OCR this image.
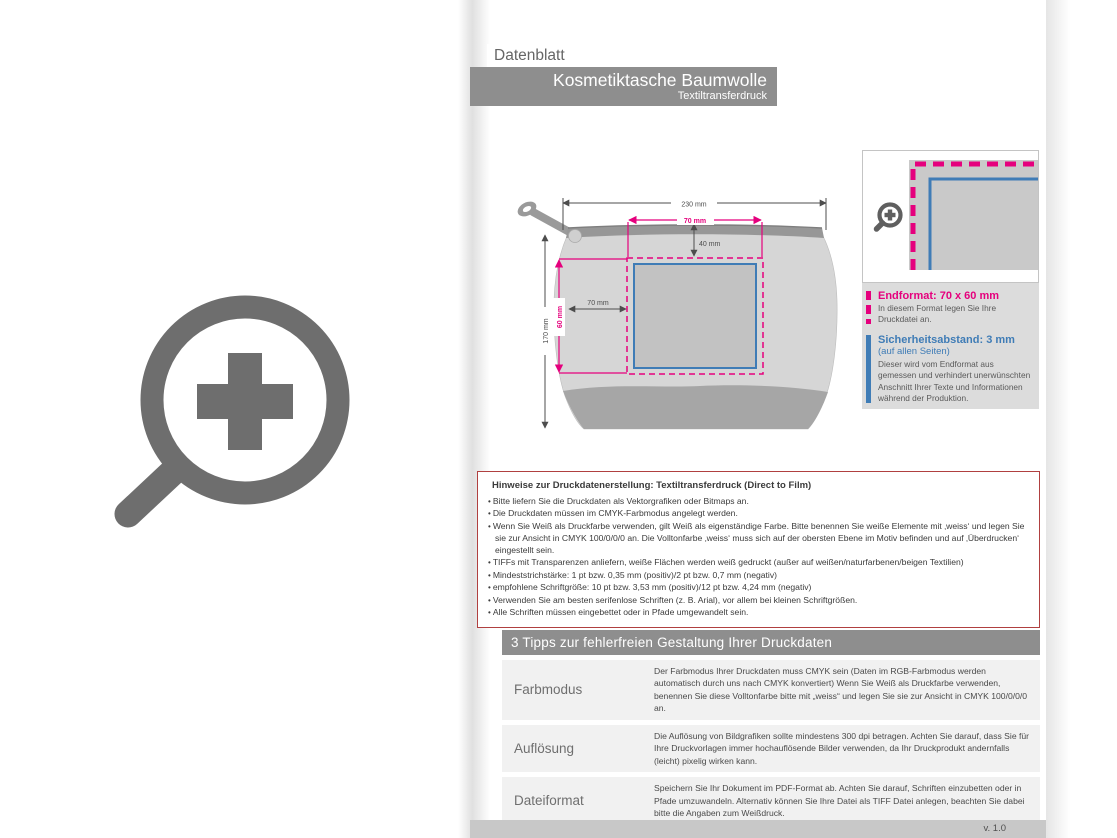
Datenblatt
Kosmetiktasche Baumwolle
Textiltransferdruck
230 mm
70 mm
40 mm
170 mm
60 mm
70 mm
Endformat: 70 x 60 mm
In diesem Format legen Sie Ihre Druckdatei an.
Sicherheitsabstand: 3 mm
(auf allen Seiten)
Dieser wird vom Endformat aus gemessen und verhindert unerwünschten Anschnitt Ihrer Texte und Informationen während der Produktion.
Hinweise zur Druckdatenerstellung: Textiltransferdruck (Direct to Film)
• Bitte liefern Sie die Druckdaten als Vektorgrafiken oder Bitmaps an.
• Die Druckdaten müssen im CMYK-Farbmodus angelegt werden.
• Wenn Sie Weiß als Druckfarbe verwenden, gilt Weiß als eigenständige Farbe. Bitte benennen Sie weiße Elemente mit ‚weiss‘ und legen Sie sie zur Ansicht in CMYK 100/0/0/0 an. Die Volltonfarbe ‚weiss‘ muss sich auf der obersten Ebene im Motiv befinden und auf ‚Überdrucken‘ eingestellt sein.
• TIFFs mit Transparenzen anliefern, weiße Flächen werden weiß gedruckt (außer auf weißen/naturfarbenen/beigen Textilien)
• Mindeststrichstärke: 1 pt bzw. 0,35 mm (positiv)/2 pt bzw. 0,7 mm (negativ)
• empfohlene Schriftgröße: 10 pt bzw. 3,53 mm (positiv)/12 pt bzw. 4,24 mm (negativ)
• Verwenden Sie am besten serifenlose Schriften (z. B. Arial), vor allem bei kleinen Schriftgrößen.
• Alle Schriften müssen eingebettet oder in Pfade umgewandelt sein.
3 Tipps zur fehlerfreien Gestaltung Ihrer Druckdaten
Farbmodus
Der Farbmodus Ihrer Druckdaten muss CMYK sein (Daten im RGB-Farbmodus werden automatisch durch uns nach CMYK konvertiert) Wenn Sie Weiß als Druckfarbe verwenden, benennen Sie diese Volltonfarbe bitte mit „weiss“ und legen Sie sie zur Ansicht in CMYK 100/0/0/0 an.
Auflösung
Die Auflösung von Bildgrafiken sollte mindestens 300 dpi betragen. Achten Sie darauf, dass Sie für Ihre Druckvorlagen immer hochauflösende Bilder verwenden, da Ihr Druckprodukt andernfalls (leicht) pixelig wirken kann.
Dateiformat
Speichern Sie Ihr Dokument im PDF-Format ab. Achten Sie darauf, Schriften einzubetten oder in Pfade umzuwandeln. Alternativ können Sie Ihre Datei als TIFF Datei anlegen, beachten Sie dabei bitte die Angaben zum Weißdruck.
v. 1.0
